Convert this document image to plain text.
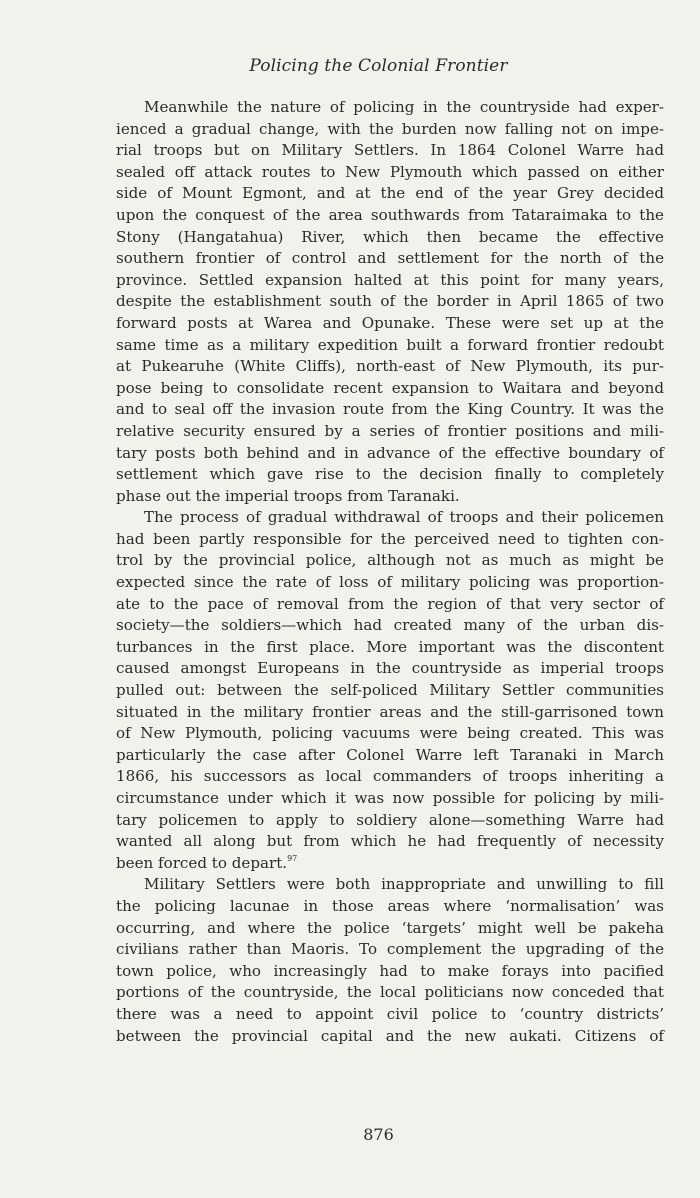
Policing the Colonial Frontier

Meanwhile the nature of policing in the countryside had exper-
ienced a gradual change, with the burden now falling not on impe-
rial troops but on Military Settlers. In 1864 Colonel Warre had
sealed off attack routes to New Plymouth which passed on either
side of Mount Egmont, and at the end of the year Grey decided
upon the conquest of the area southwards from Tataraimaka to the
Stony (Hangatahua) River, which then became the effective
southern frontier of control and settlement for the north of the
province. Settled expansion halted at this point for many years,
despite the establishment south of the border in April 1865 of two
forward posts at Warea and Opunake. These were set up at the
same time as a military expedition built a forward frontier redoubt
at Pukearuhe (White Cliffs), north-east of New Plymouth, its pur-
pose being to consolidate recent expansion to Waitara and beyond
and to seal off the invasion route from the King Country. It was the
relative security ensured by a series of frontier positions and mili-
tary posts both behind and in advance of the effective boundary of
settlement which gave rise to the decision finally to completely
phase out the imperial troops from Taranaki.

The process of gradual withdrawal of troops and their policemen
had been partly responsible for the perceived need to tighten con-
trol by the provincial police, although not as much as might be
expected since the rate of loss of military policing was proportion-
ate to the pace of removal from the region of that very sector of
society—the soldiers—which had created many of the urban dis-
turbances in the first place. More important was the discontent
caused amongst Europeans in the countryside as imperial troops
pulled out: between the self-policed Military Settler communities
situated in the military frontier areas and the still-garrisoned town
of New Plymouth, policing vacuums were being created. This was
particularly the case after Colonel Warre left Taranaki in March
1866, his successors as local commanders of troops inheriting a
circumstance under which it was now possible for policing by mili-
tary policemen to apply to soldiery alone—something Warre had
wanted all along but from which he had frequently of necessity
been forced to depart.$^{97}$

Military Settlers were both inappropriate and unwilling to fill
the policing lacunae in those areas where ‘normalisation’ was
occurring, and where the police ‘targets’ might well be pakeha
civilians rather than Maoris. To complement the upgrading of the
town police, who increasingly had to make forays into pacified
portions of the countryside, the local politicians now conceded that
there was a need to appoint civil police to ‘country districts’
between the provincial capital and the new aukati. Citizens of

876
